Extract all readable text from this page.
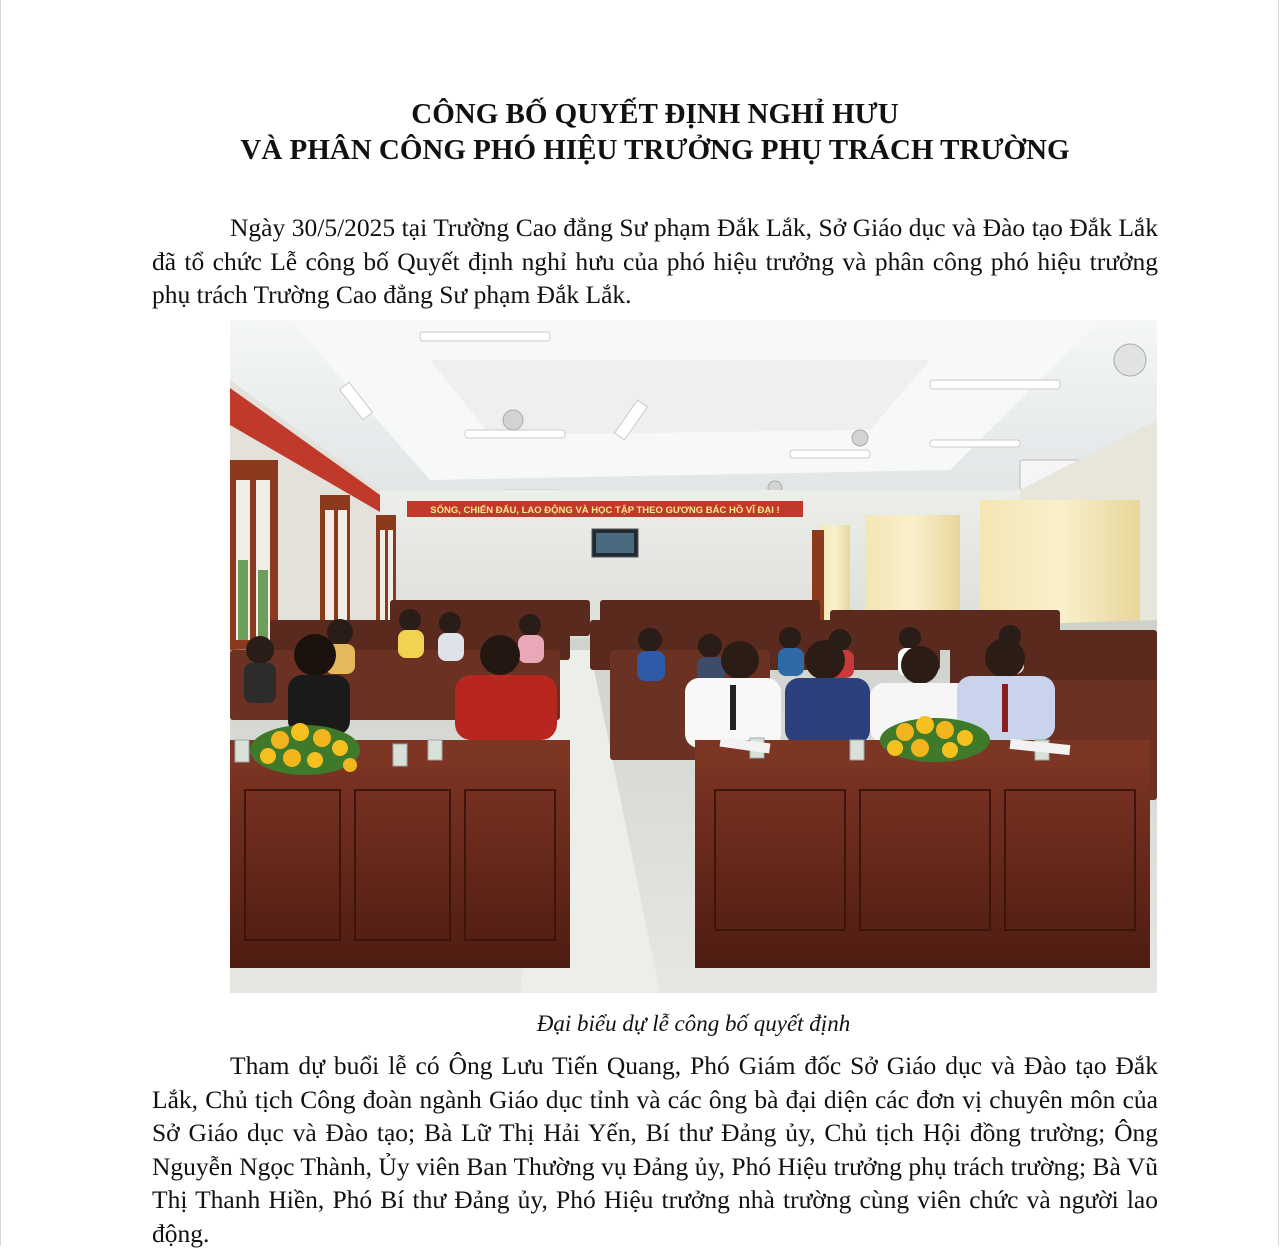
CÔNG BỐ QUYẾT ĐỊNH NGHỈ HƯU
VÀ PHÂN CÔNG PHÓ HIỆU TRƯỞNG PHỤ TRÁCH TRƯỜNG

Ngày 30/5/2025 tại Trường Cao đẳng Sư phạm Đắk Lắk, Sở Giáo dục và Đào tạo Đắk Lắk đã tổ chức Lễ công bố Quyết định nghỉ hưu của phó hiệu trưởng và phân công phó hiệu trưởng phụ trách Trường Cao đẳng Sư phạm Đắk Lắk.

SỐNG, CHIẾN ĐẤU, LAO ĐỘNG VÀ HỌC TẬP THEO GƯƠNG BÁC HỒ VĨ ĐẠI !
Đại biểu dự lễ công bố quyết định

Tham dự buổi lễ có Ông Lưu Tiến Quang, Phó Giám đốc Sở Giáo dục và Đào tạo Đắk Lắk, Chủ tịch Công đoàn ngành Giáo dục tỉnh và các ông bà đại diện các đơn vị chuyên môn của Sở Giáo dục và Đào tạo; Bà Lữ Thị Hải Yến, Bí thư Đảng ủy, Chủ tịch Hội đồng trường; Ông Nguyễn Ngọc Thành, Ủy viên Ban Thường vụ Đảng ủy, Phó Hiệu trưởng phụ trách trường; Bà Vũ Thị Thanh Hiền, Phó Bí thư Đảng ủy, Phó Hiệu trưởng nhà trường cùng viên chức và người lao động.
